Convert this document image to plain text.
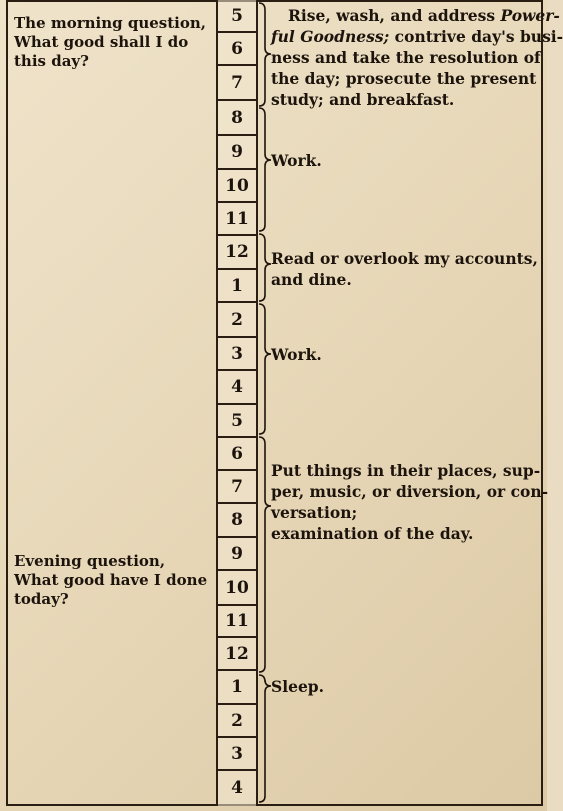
The morning question,
What good shall I do
this day?
Evening question,
What good have I done
today?
5
6
7
8
9
10
11
12
1
2
3
4
5
6
7
8
9
10
11
12
1
2
3
4
Rise, wash, and address Power-
ful Goodness; contrive day's busi-
ness and take the resolution of
the day; prosecute the present
study; and breakfast.
Work.
Read or overlook my accounts,
and dine.
Work.
Put things in their places, sup-
per, music, or diversion, or con-
versation;
examination of the day.
Sleep.
